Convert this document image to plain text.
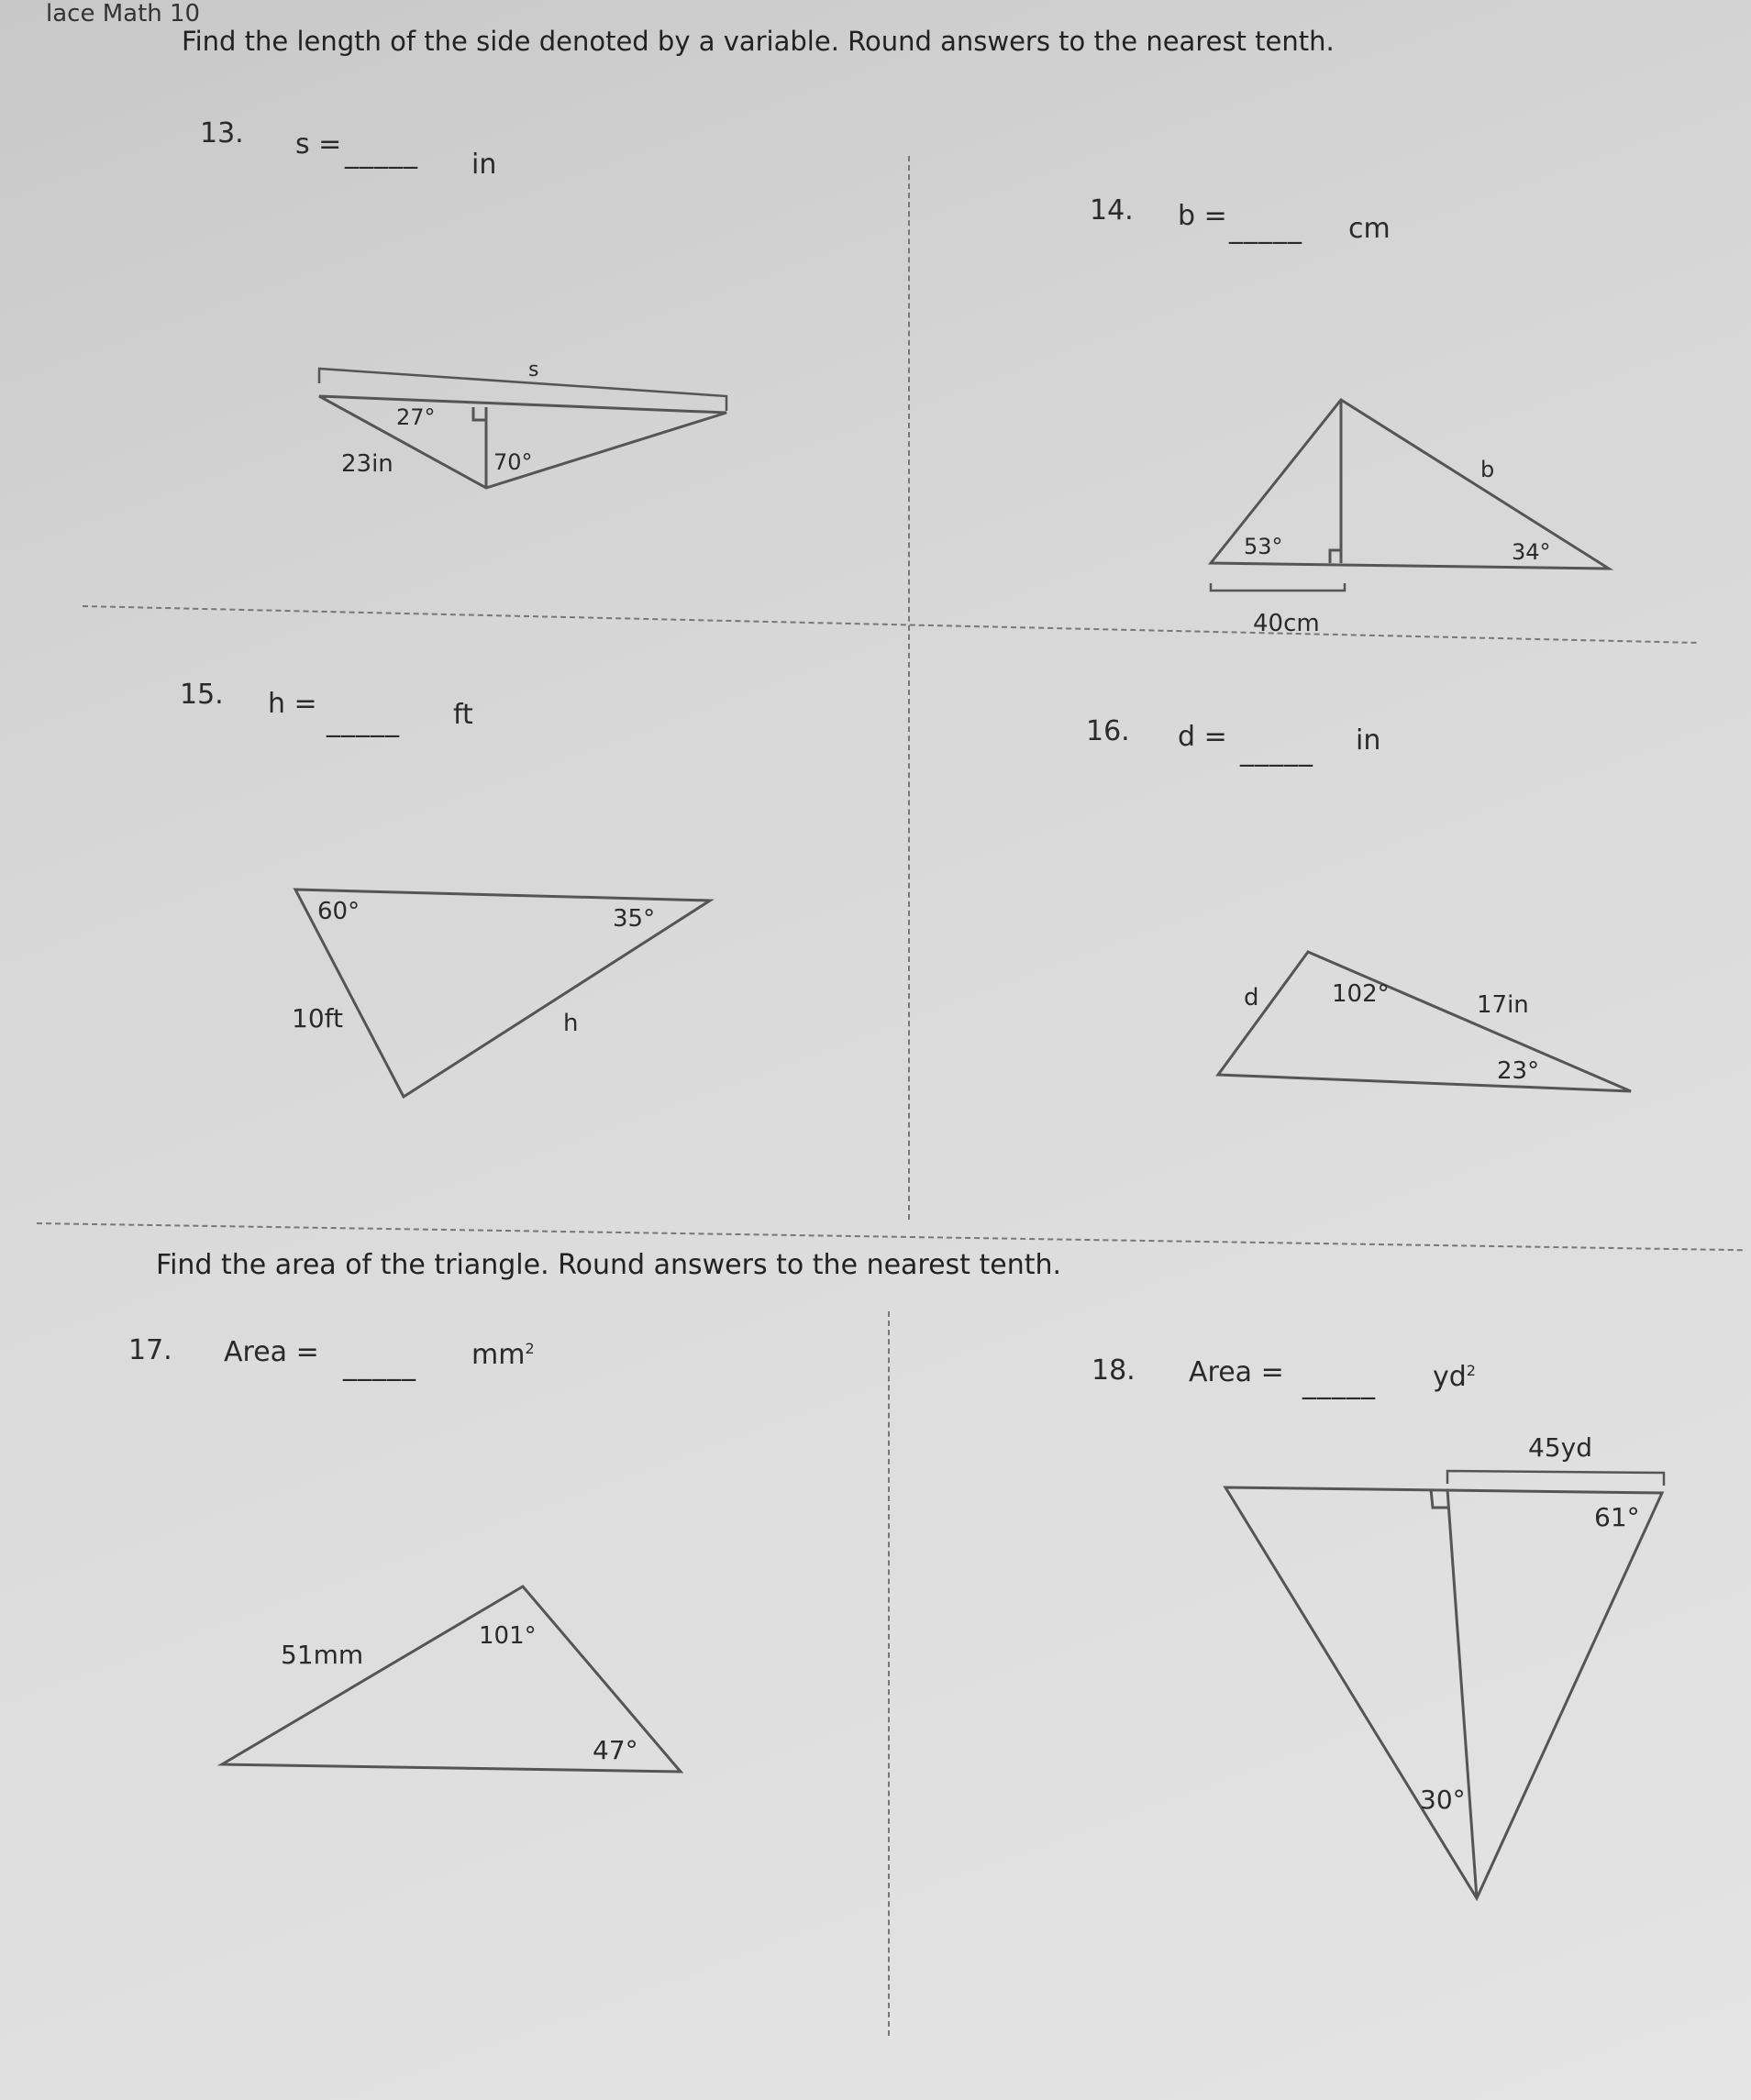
lace Math 10
Find the length of the side denoted by a variable. Round answers to the nearest tenth.
13. s = _____ in
14. b = _____ cm
15. h =
_____ ft
16. d = _____ in
Find the area of the triangle. Round answers to the nearest tenth.
17. Area = _____ $mm^2$
18. Area = _____ $yd^2$
s
27°
70°
23in	b
53°	34°
40cm
60°	35°
10ft	h
d	102°	17in
23°
51mm
101°
47°
45yd
61°
30°
